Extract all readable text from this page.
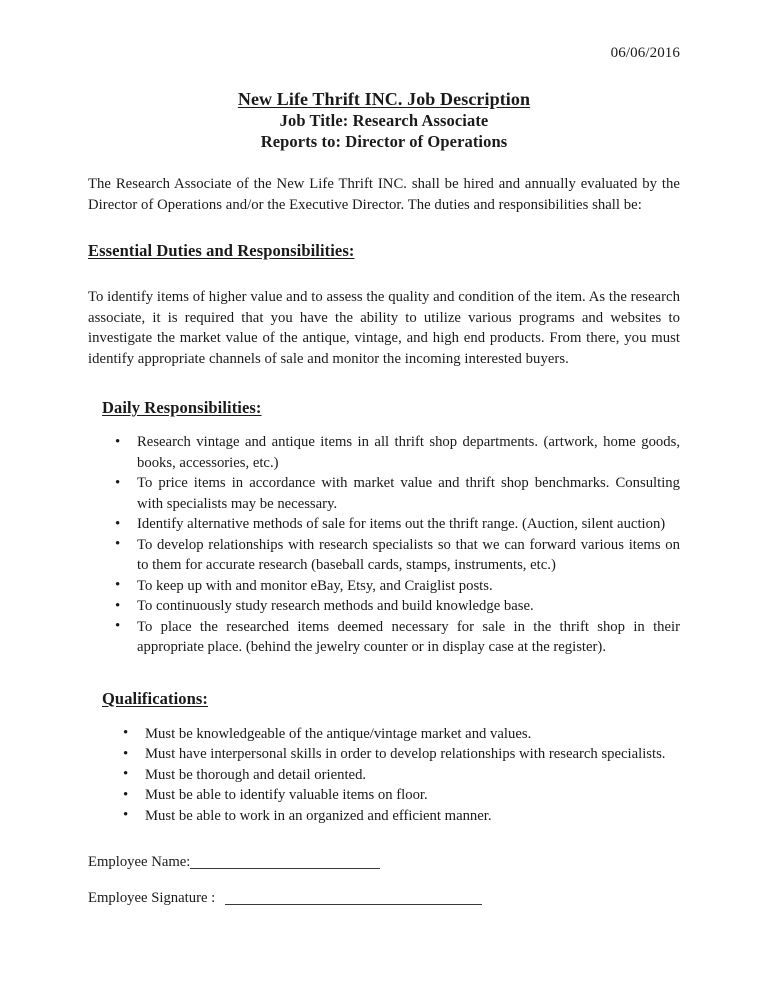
06/06/2016
New Life Thrift INC. Job Description
Job Title: Research Associate
Reports to: Director of Operations

The Research Associate of the New Life Thrift INC. shall be hired and annually evaluated by the Director of Operations and/or the Executive Director. The duties and responsibilities shall be:

Essential Duties and Responsibilities:

To identify items of higher value and to assess the quality and condition of the item. As the research associate, it is required that you have the ability to utilize various programs and websites to investigate the market value of the antique, vintage, and high end products. From there, you must identify appropriate channels of sale and monitor the incoming interested buyers.

Daily Responsibilities:
• Research vintage and antique items in all thrift shop departments. (artwork, home goods, books, accessories, etc.)
• To price items in accordance with market value and thrift shop benchmarks. Consulting with specialists may be necessary.
• Identify alternative methods of sale for items out the thrift range. (Auction, silent auction)
• To develop relationships with research specialists so that we can forward various items on to them for accurate research (baseball cards, stamps, instruments, etc.)
• To keep up with and monitor eBay, Etsy, and Craiglist posts.
• To continuously study research methods and build knowledge base.
• To place the researched items deemed necessary for sale in the thrift shop in their appropriate place. (behind the jewelry counter or in display case at the register).
Qualifications:
• Must be knowledgeable of the antique/vintage market and values.
• Must have interpersonal skills in order to develop relationships with research specialists.
• Must be thorough and detail oriented.
• Must be able to identify valuable items on floor.
• Must be able to work in an organized and efficient manner.
Employee Name:
Employee Signature :
